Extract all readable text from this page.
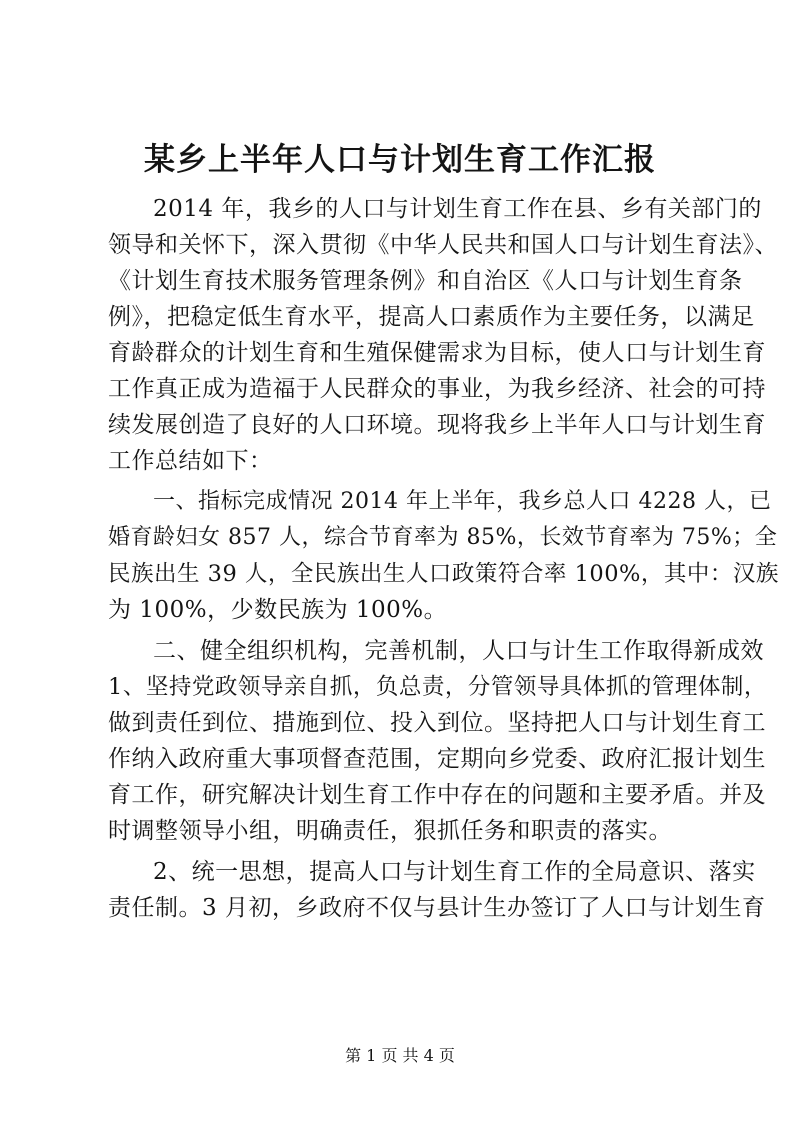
某乡上半年人口与计划生育工作汇报
2014 年，我乡的人口与计划生育工作在县、乡有关部门的
领导和关怀下，深入贯彻《中华人民共和国人口与计划生育法》、
《计划生育技术服务管理条例》和自治区《人口与计划生育条
例》，把稳定低生育水平，提高人口素质作为主要任务，以满足
育龄群众的计划生育和生殖保健需求为目标，使人口与计划生育
工作真正成为造福于人民群众的事业，为我乡经济、社会的可持
续发展创造了良好的人口环境。现将我乡上半年人口与计划生育
工作总结如下：
一、指标完成情况 2014 年上半年，我乡总人口 4228 人，已
婚育龄妇女 857 人，综合节育率为 85%，长效节育率为 75%；全
民族出生 39 人，全民族出生人口政策符合率 100%，其中：汉族
为 100%，少数民族为 100%。
二、健全组织机构，完善机制，人口与计生工作取得新成效
1、坚持党政领导亲自抓，负总责，分管领导具体抓的管理体制，
做到责任到位、措施到位、投入到位。坚持把人口与计划生育工
作纳入政府重大事项督查范围，定期向乡党委、政府汇报计划生
育工作，研究解决计划生育工作中存在的问题和主要矛盾。并及
时调整领导小组，明确责任，狠抓任务和职责的落实。
2、统一思想，提高人口与计划生育工作的全局意识、落实
责任制。3 月初，乡政府不仅与县计生办签订了人口与计划生育
第 1 页 共 4 页
